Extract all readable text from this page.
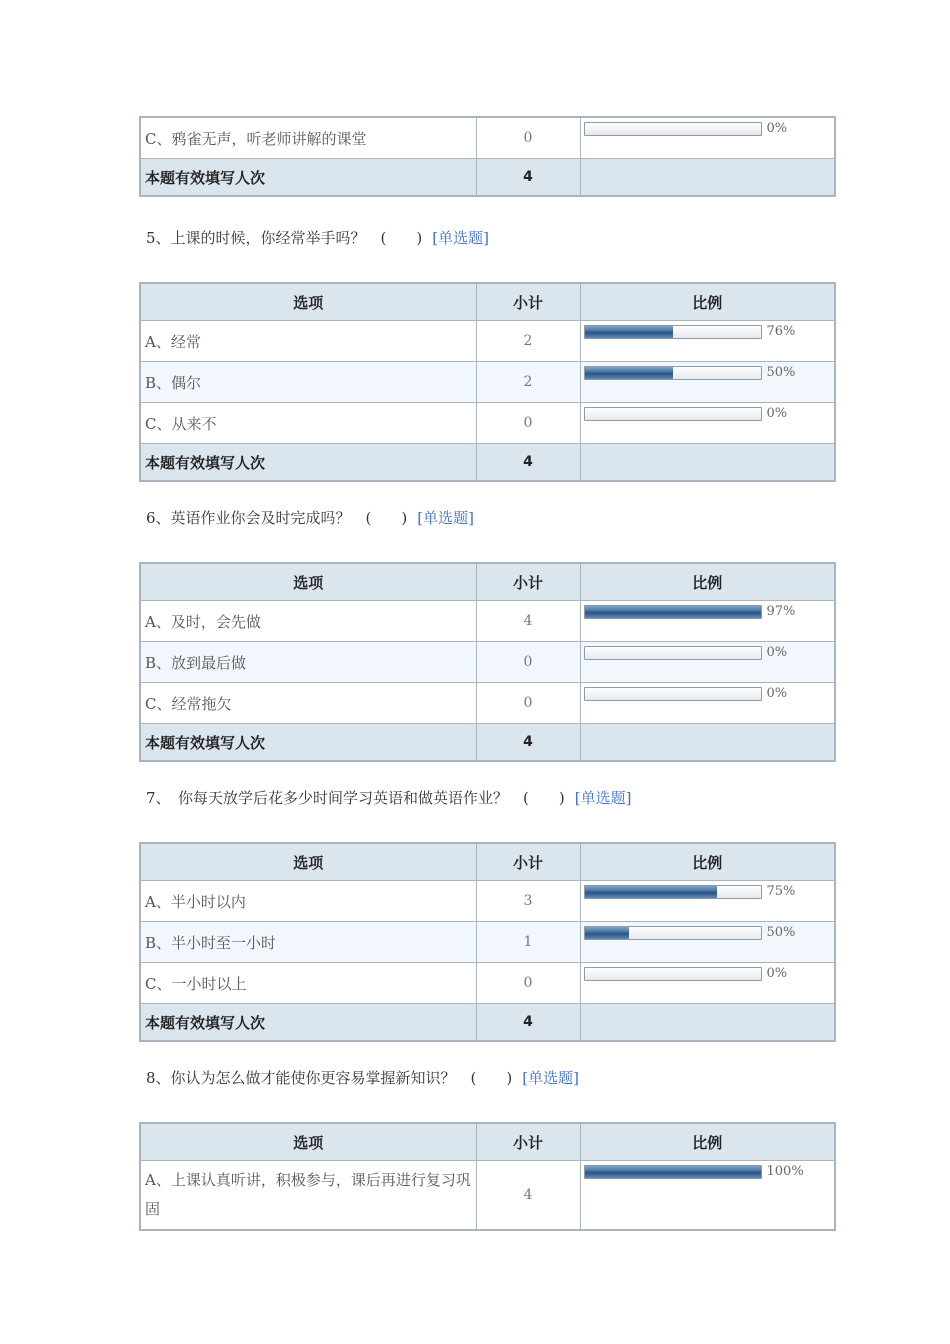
C、鸦雀无声，听老师讲解的课堂	0	0%
本题有效填写人次	4	
5、上课的时候，你经常举手吗？　(　　) [单选题]
选项	小计	比例
A、经常	2	76%
B、偶尔	2	50%
C、从来不	0	0%
本题有效填写人次	4	
6、英语作业你会及时完成吗？　(　　) [单选题]
选项	小计	比例
A、及时，会先做	4	97%
B、放到最后做	0	0%
C、经常拖欠	0	0%
本题有效填写人次	4	
7、　你每天放学后花多少时间学习英语和做英语作业？　(　　) [单选题]
选项	小计	比例
A、半小时以内	3	75%
B、半小时至一小时	1	50%
C、一小时以上	0	0%
本题有效填写人次	4	
8、你认为怎么做才能使你更容易掌握新知识？　(　　) [单选题]
选项	小计	比例
A、上课认真听讲，积极参与，课后再进行复习巩固	4	100%
